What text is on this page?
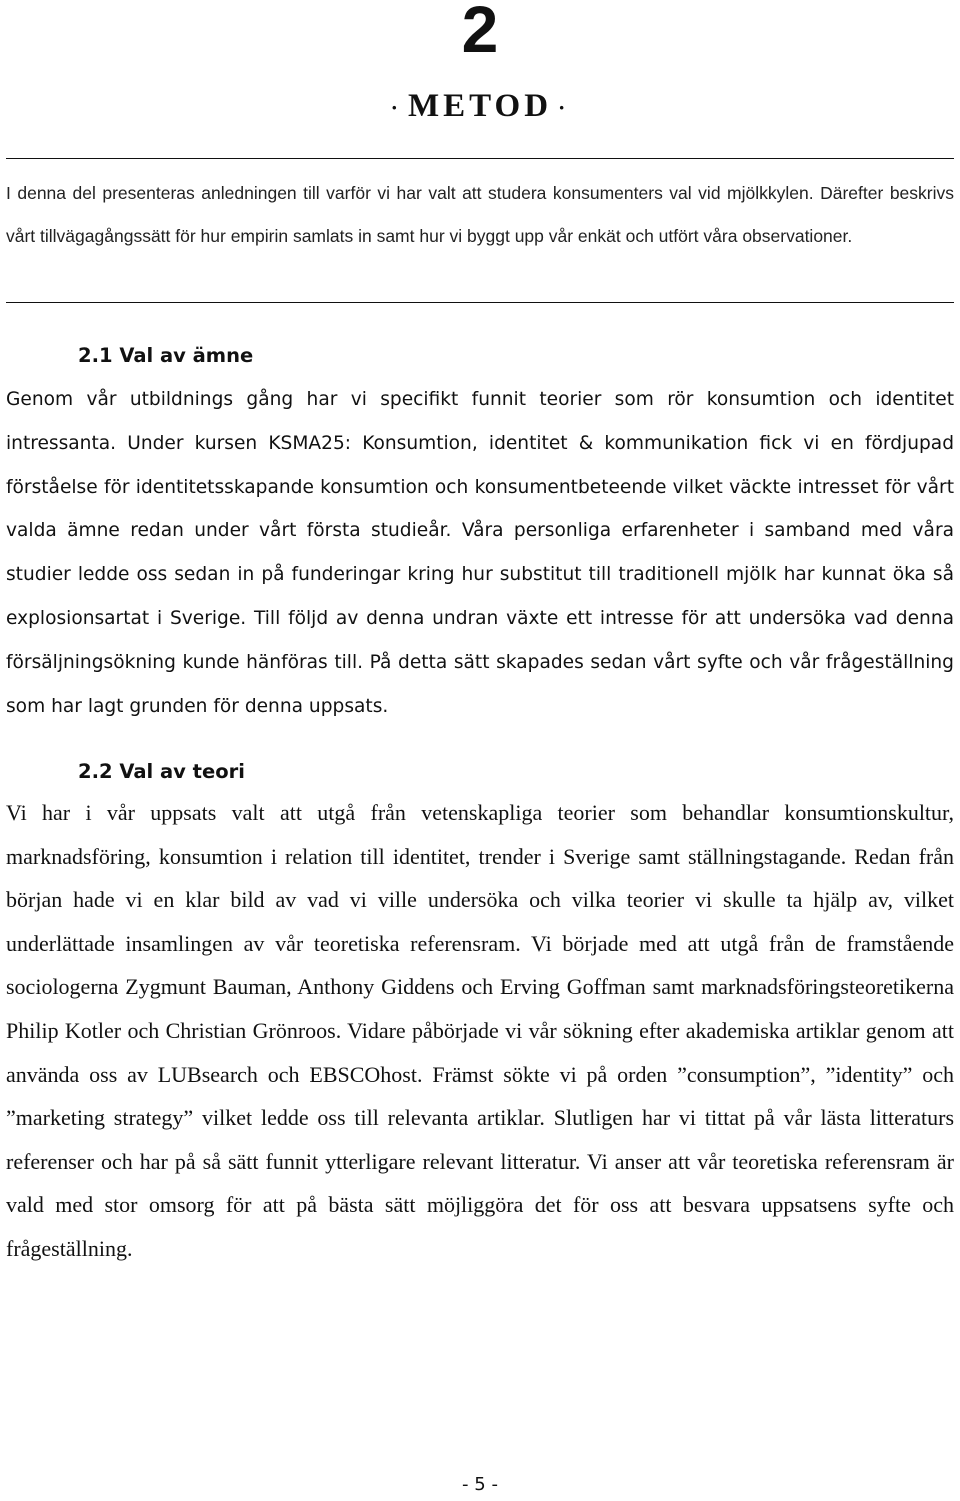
2
· METOD ·
I denna del presenteras anledningen till varför vi har valt att studera konsumenters val vid mjölkkylen. Därefter beskrivs vårt tillvägagångssätt för hur empirin samlats in samt hur vi byggt upp vår enkät och utfört våra observationer.
2.1 Val av ämne
Genom vår utbildnings gång har vi specifikt funnit teorier som rör konsumtion och identitet intressanta. Under kursen KSMA25: Konsumtion, identitet & kommunikation fick vi en fördjupad förståelse för identitetsskapande konsumtion och konsumentbeteende vilket väckte intresset för vårt valda ämne redan under vårt första studieår. Våra personliga erfarenheter i samband med våra studier ledde oss sedan in på funderingar kring hur substitut till traditionell mjölk har kunnat öka så explosionsartat i Sverige. Till följd av denna undran växte ett intresse för att undersöka vad denna försäljningsökning kunde hänföras till. På detta sätt skapades sedan vårt syfte och vår frågeställning som har lagt grunden för denna uppsats.
2.2 Val av teori
Vi har i vår uppsats valt att utgå från vetenskapliga teorier som behandlar konsumtionskultur, marknadsföring, konsumtion i relation till identitet, trender i Sverige samt ställningstagande. Redan från början hade vi en klar bild av vad vi ville undersöka och vilka teorier vi skulle ta hjälp av, vilket underlättade insamlingen av vår teoretiska referensram. Vi började med att utgå från de framstående sociologerna Zygmunt Bauman, Anthony Giddens och Erving Goffman samt marknadsföringsteoretikerna Philip Kotler och Christian Grönroos. Vidare påbörjade vi vår sökning efter akademiska artiklar genom att använda oss av LUBsearch och EBSCOhost. Främst sökte vi på orden ”consumption”, ”identity” och ”marketing strategy” vilket ledde oss till relevanta artiklar. Slutligen har vi tittat på vår lästa litteraturs referenser och har på så sätt funnit ytterligare relevant litteratur. Vi anser att vår teoretiska referensram är vald med stor omsorg för att på bästa sätt möjliggöra det för oss att besvara uppsatsens syfte och frågeställning.
- 5 -
